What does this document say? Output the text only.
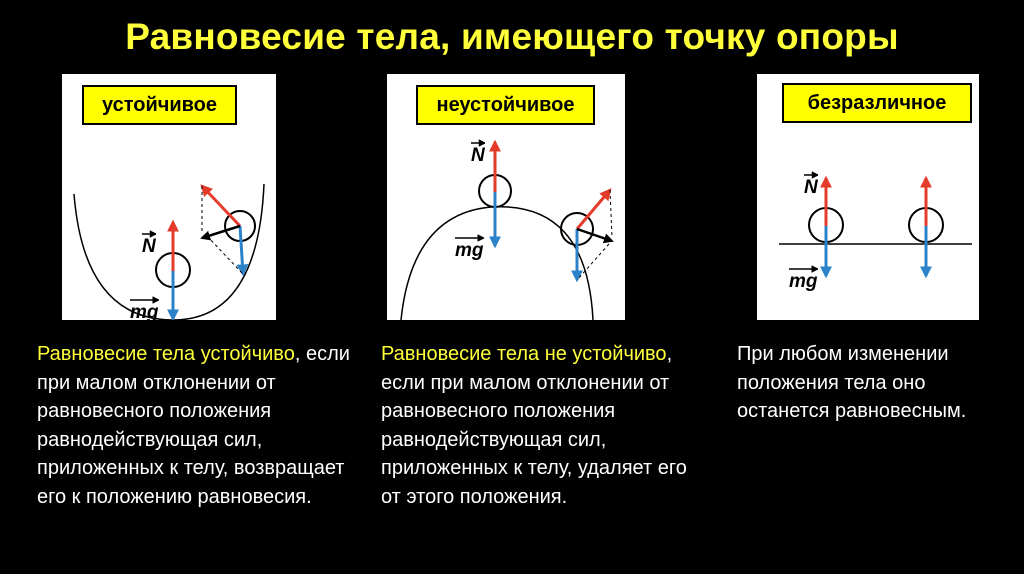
Равновесие тела, имеющего точку опоры
устойчивое
N
mg
неустойчивое
N
mg
безразличное
N
mg
Равновесие тела устойчиво, если при малом отклонении от равновесного положения равнодействующая сил, приложенных к телу, возвращает его к положению равновесия.
Равновесие тела не устойчиво, если при малом отклонении от равновесного положения равнодействующая сил, приложенных к телу, удаляет его от этого положения.
При любом изменении положения тела оно останется равновесным.
